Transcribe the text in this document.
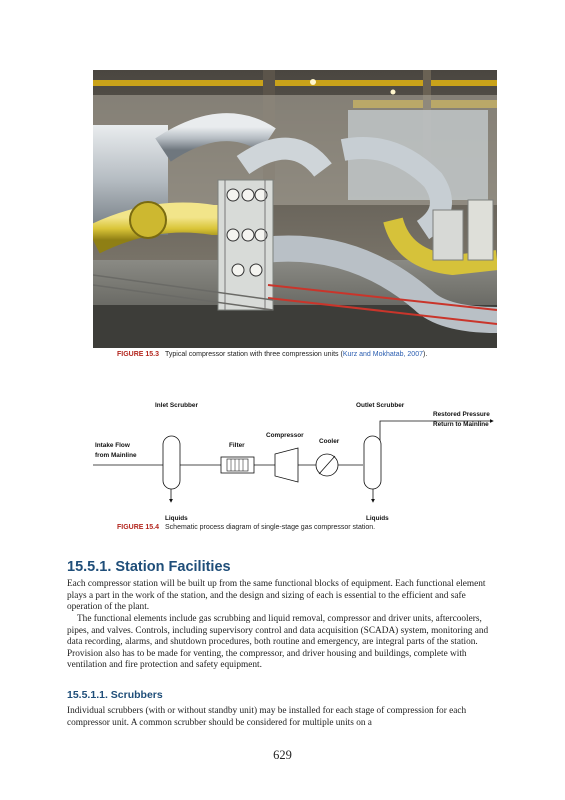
FIGURE 15.3 Typical compressor station with three compression units (Kurz and Mokhatab, 2007).
Inlet Scrubber	Outlet Scrubber
Restored Pressure
Return to Mainline
Intake Flow
from Mainline
Filter
Compressor
Cooler
Liquids	Liquids
FIGURE 15.4 Schematic process diagram of single-stage gas compressor station.
15.5.1. Station Facilities

Each compressor station will be built up from the same functional blocks of equipment. Each functional element plays a part in the work of the station, and the design and sizing of each is essential to the efficient and safe operation of the plant.

The functional elements include gas scrubbing and liquid removal, compressor and driver units, aftercoolers, pipes, and valves. Controls, including supervisory control and data acquisition (SCADA) system, monitoring and data recording, alarms, and shutdown procedures, both routine and emergency, are integral parts of the station. Provision also has to be made for venting, the compressor, and driver housing and buildings, complete with ventilation and fire protection and safety equipment.

15.5.1.1. Scrubbers

Individual scrubbers (with or without standby unit) may be installed for each stage of compression for each compressor unit. A common scrubber should be considered for multiple units on a

629
